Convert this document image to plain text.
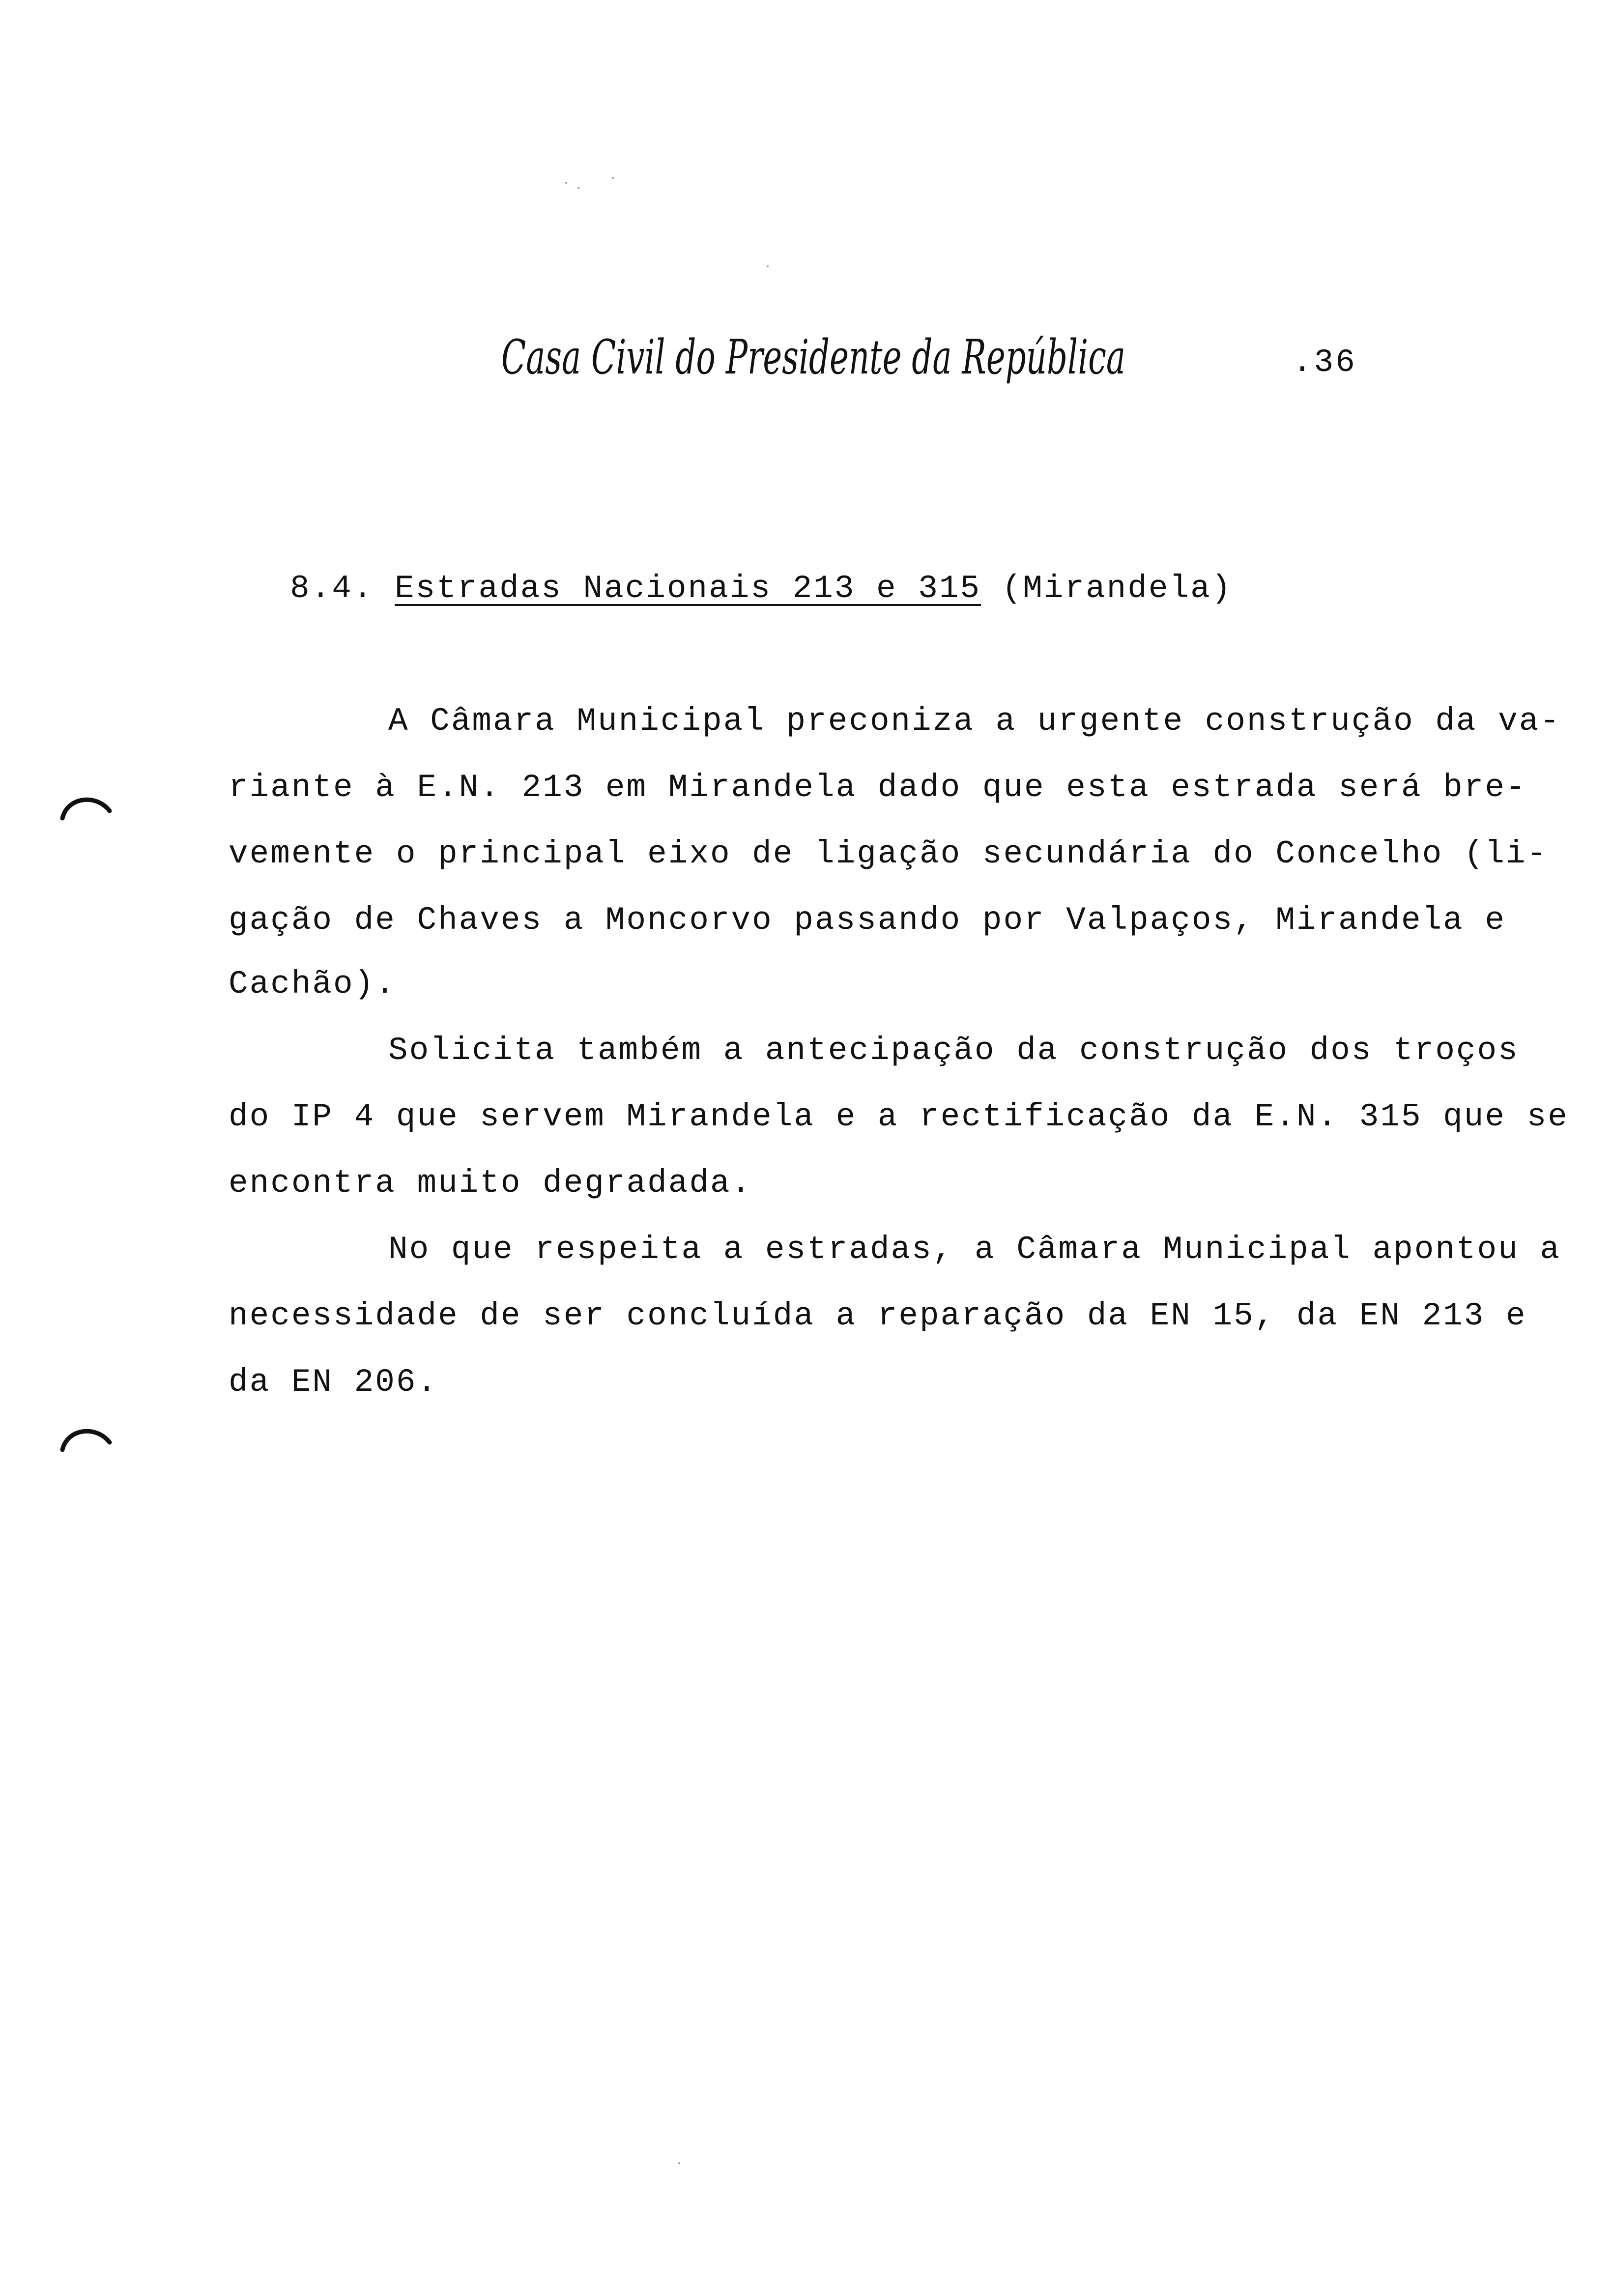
Casa Civil do Presidente da República	.36
8.4. Estradas Nacionais 213 e 315 (Mirandela)
A Câmara Municipal preconiza a urgente construção da va-
riante à E.N. 213 em Mirandela dado que esta estrada será bre-
vemente o principal eixo de ligação secundária do Concelho (li-
gação de Chaves a Moncorvo passando por Valpaços, Mirandela e
Cachão).
Solicita também a antecipação da construção dos troços
do IP 4 que servem Mirandela e a rectificação da E.N. 315 que se
encontra muito degradada.
No que respeita a estradas, a Câmara Municipal apontou a
necessidade de ser concluída a reparação da EN 15, da EN 213 e
da EN 206.
